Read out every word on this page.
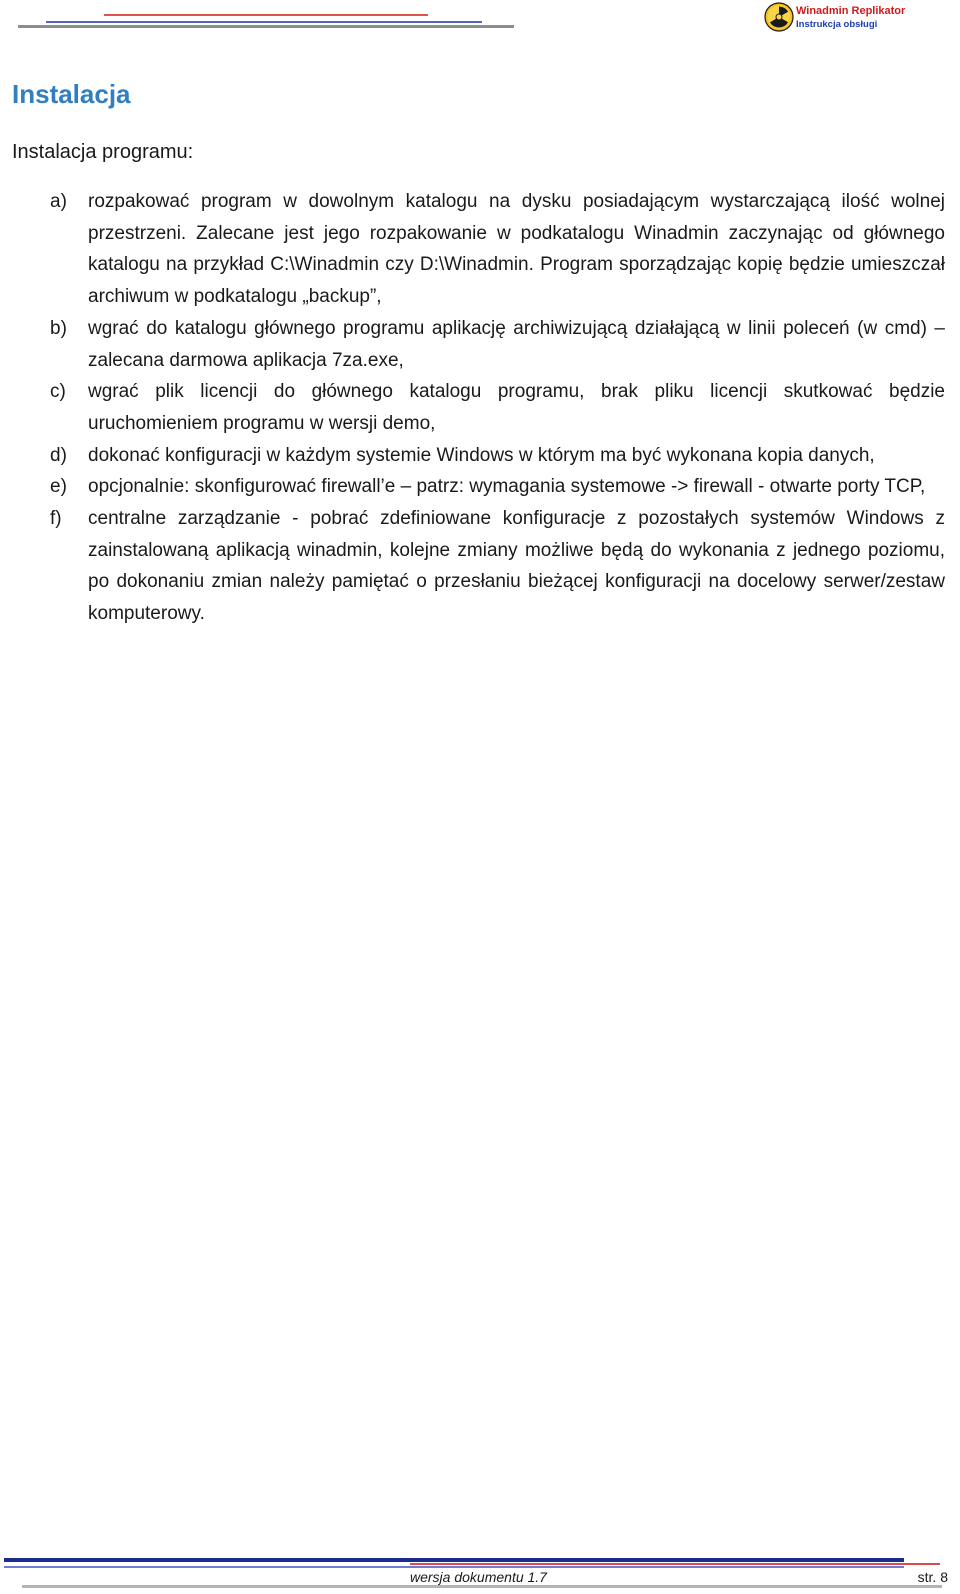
Winadmin Replikator
Instrukcja obsługi
Instalacja

Instalacja programu:

a)	rozpakować program w dowolnym katalogu na dysku posiadającym wystarczającą ilość wolnej przestrzeni. Zalecane jest jego rozpakowanie w podkatalogu Winadmin zaczynając od głównego katalogu na przykład C:\Winadmin czy D:\Winadmin. Program sporządzając kopię będzie umieszczał archiwum w podkatalogu „backup”,
b)	wgrać do katalogu głównego programu aplikację archiwizującą działającą w linii poleceń (w cmd) – zalecana darmowa aplikacja 7za.exe,
c)	wgrać plik licencji do głównego katalogu programu, brak pliku licencji skutkować będzie uruchomieniem programu w wersji demo,
d)	dokonać konfiguracji w każdym systemie Windows w którym ma być wykonana kopia danych,
e)	opcjonalnie: skonfigurować firewall’e – patrz: wymagania systemowe -> firewall - otwarte porty TCP,
f)	centralne zarządzanie - pobrać zdefiniowane konfiguracje z pozostałych systemów Windows z zainstalowaną aplikacją winadmin, kolejne zmiany możliwe będą do wykonania z jednego poziomu, po dokonaniu zmian należy pamiętać o przesłaniu bieżącej konfiguracji na docelowy serwer/zestaw komputerowy.
wersja dokumentu 1.7	str. 8
